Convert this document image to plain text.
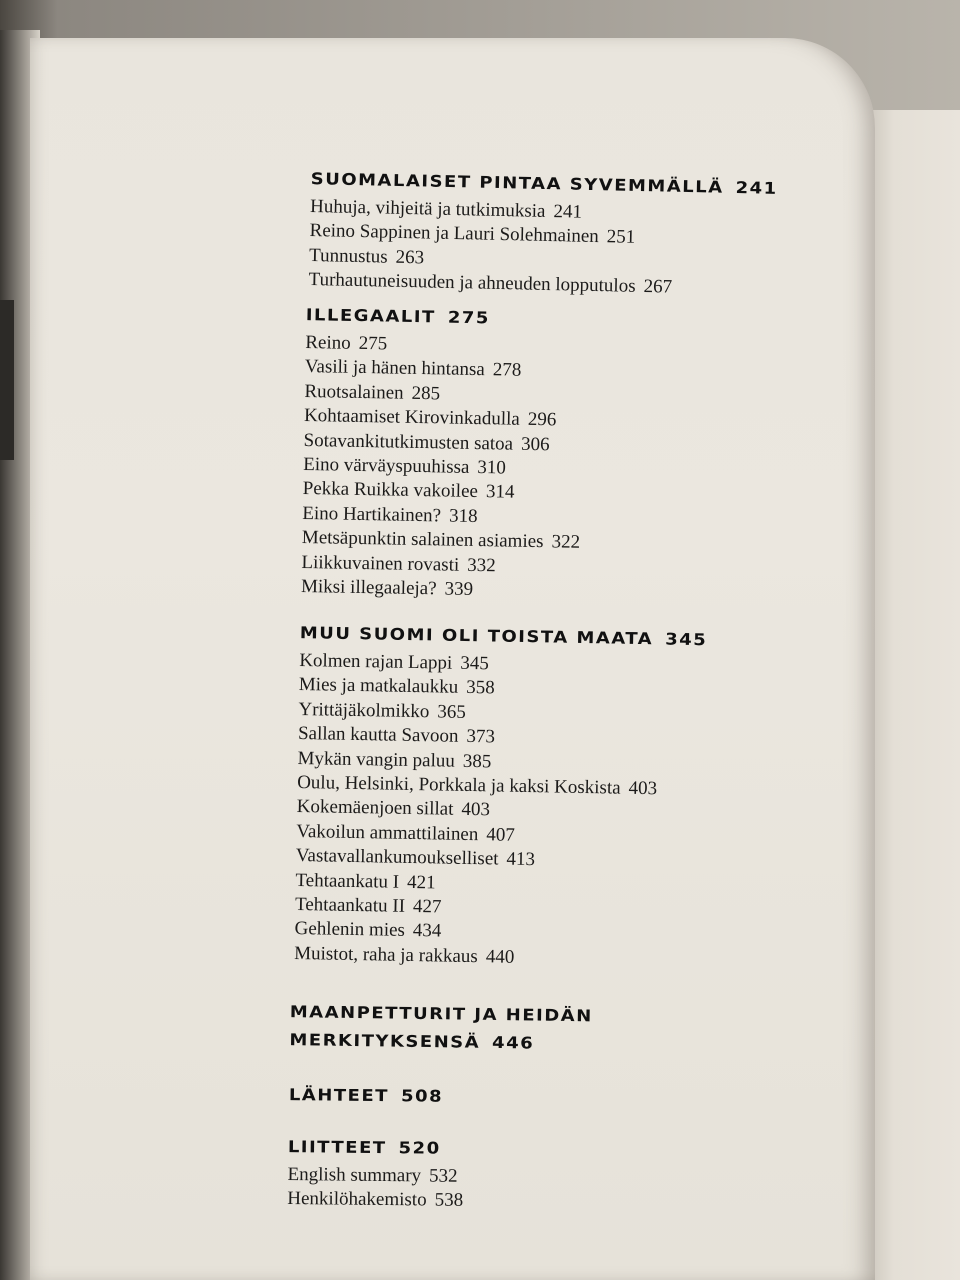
SUOMALAISET PINTAA SYVEMMÄLLÄ 241
Huhuja, vihjeitä ja tutkimuksia 241
Reino Sappinen ja Lauri Solehmainen 251
Tunnustus 263
Turhautuneisuuden ja ahneuden lopputulos 267
ILLEGAALIT 275
Reino 275
Vasili ja hänen hintansa 278
Ruotsalainen 285
Kohtaamiset Kirovinkadulla 296
Sotavankitutkimusten satoa 306
Eino värväyspuuhissa 310
Pekka Ruikka vakoilee 314
Eino Hartikainen? 318
Metsäpunktin salainen asiamies 322
Liikkuvainen rovasti 332
Miksi illegaaleja? 339
MUU SUOMI OLI TOISTA MAATA 345
Kolmen rajan Lappi 345
Mies ja matkalaukku 358
Yrittäjäkolmikko 365
Sallan kautta Savoon 373
Mykän vangin paluu 385
Oulu, Helsinki, Porkkala ja kaksi Koskista 403
Kokemäenjoen sillat 403
Vakoilun ammattilainen 407
Vastavallankumoukselliset 413
Tehtaankatu I 421
Tehtaankatu II 427
Gehlenin mies 434
Muistot, raha ja rakkaus 440
MAANPETTURIT JA HEIDÄN
MERKITYKSENSÄ 446
LÄHTEET 508
LIITTEET 520
English summary 532
Henkilöhakemisto 538
